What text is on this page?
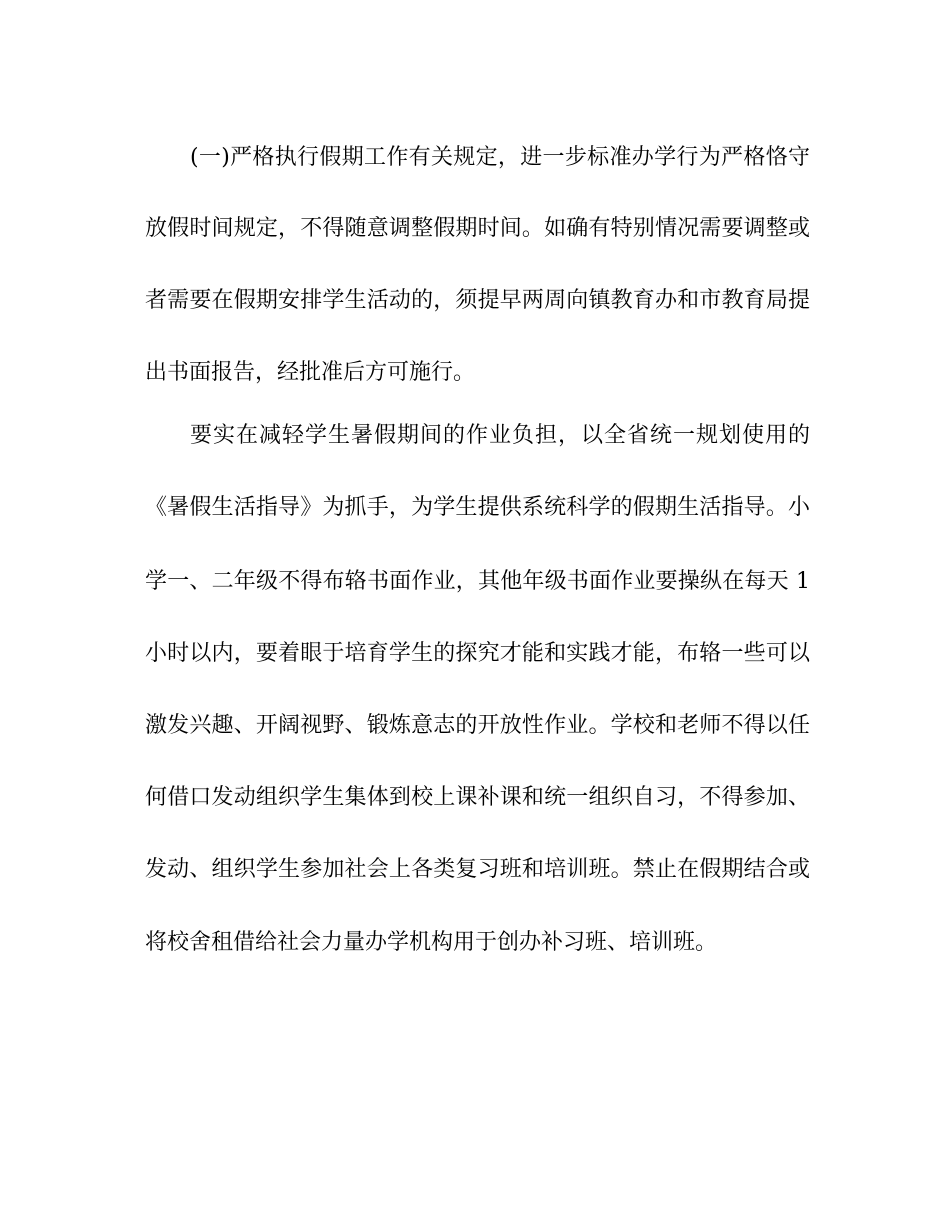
(一)严格执行假期工作有关规定，进一步标准办学行为严格恪守
放假时间规定，不得随意调整假期时间。如确有特别情况需要调整或
者需要在假期安排学生活动的，须提早两周向镇教育办和市教育局提
出书面报告，经批准后方可施行。
要实在减轻学生暑假期间的作业负担，以全省统一规划使用的
《暑假生活指导》为抓手，为学生提供系统科学的假期生活指导。小
学一、二年级不得布辂书面作业，其他年级书面作业要操纵在每天 1
小时以内，要着眼于培育学生的探究才能和实践才能，布辂一些可以
激发兴趣、开阔视野、锻炼意志的开放性作业。学校和老师不得以任
何借口发动组织学生集体到校上课补课和统一组织自习，不得参加、
发动、组织学生参加社会上各类复习班和培训班。禁止在假期结合或
将校舍租借给社会力量办学机构用于创办补习班、培训班。
